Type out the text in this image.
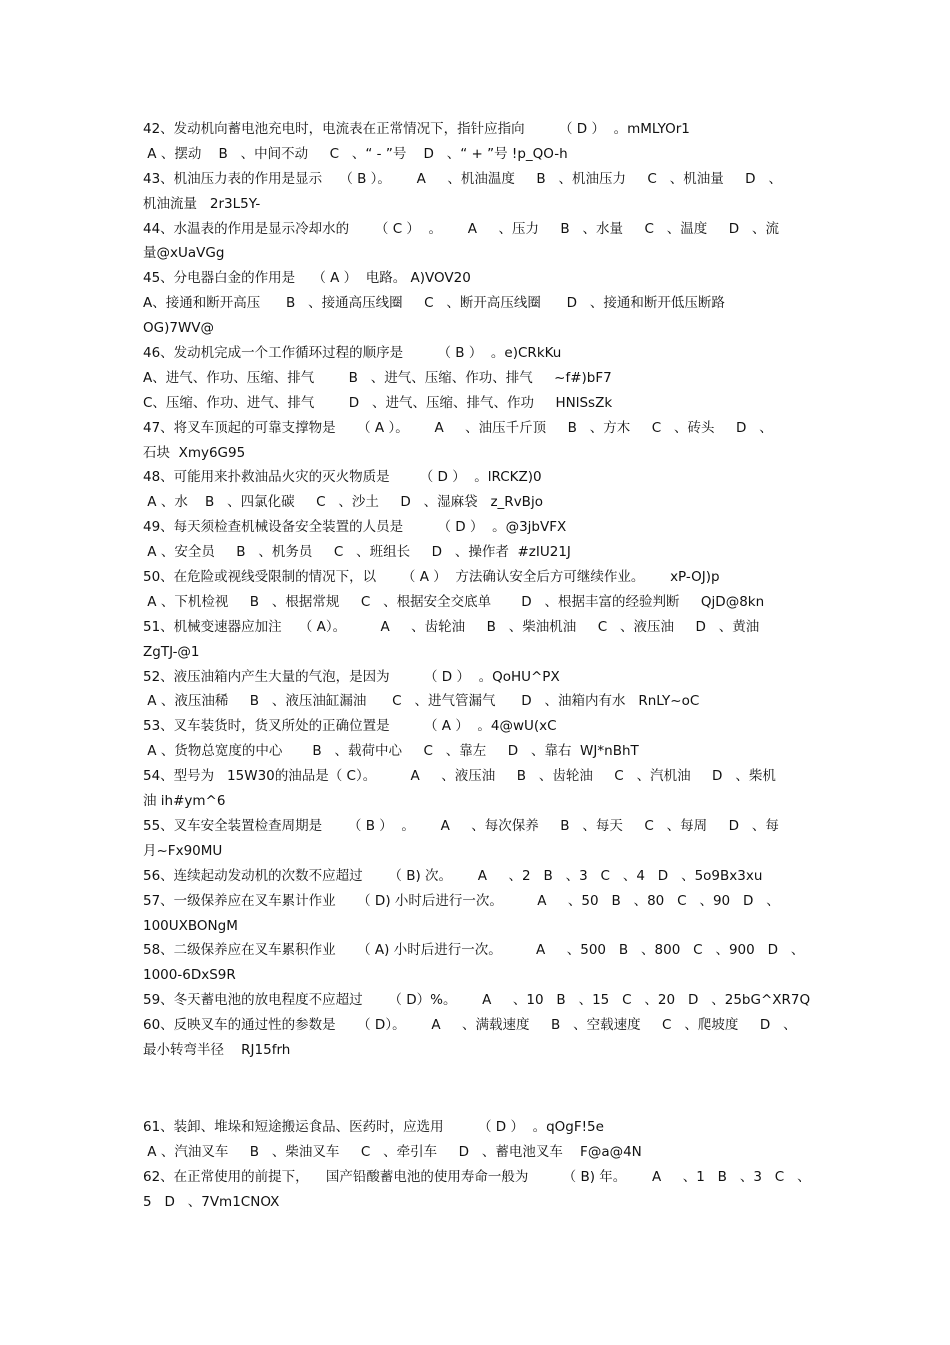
42、发动机向蓄电池充电时，电流表在正常情况下，指针应指向        （ D ）  。mMLYOr1
A 、摆动    B   、中间不动     C   、“ - ”号    D   、“ + ”号 !p_QO-h
43、机油压力表的作用是显示    （ B ）。      A     、机油温度     B   、机油压力     C   、机油量     D   、
机油流量   2r3L5Y-
44、水温表的作用是显示冷却水的      （ C ）  。      A     、压力     B   、水量     C   、温度     D   、流
量@xUaVGg
45、分电器白金的作用是    （ A ）  电路。 A)VOV20
A、接通和断开高压      B   、接通高压线圈     C   、断开高压线圈      D   、接通和断开低压断路
OG)7WV@
46、发动机完成一个工作循环过程的顺序是        （ B ）  。e)CRkKu
A、进气、作功、压缩、排气        B   、进气、压缩、作功、排气     ~f#)bF7
C、压缩、作功、进气、排气        D   、进气、压缩、排气、作功     HNlSsZk
47、将叉车顶起的可靠支撑物是     （ A ）。      A     、油压千斤顶     B   、方木     C   、砖头     D   、
石块  Xmy6G95
48、可能用来扑救油品火灾的灭火物质是       （ D ）  。lRCKZ)0
A 、水    B   、四氯化碳     C   、沙土     D   、湿麻袋   z_RvBjo
49、每天须检查机械设备安全装置的人员是        （ D ）  。@3jbVFX
A 、安全员     B   、机务员     C   、班组长     D   、操作者  #zIU21J
50、在危险或视线受限制的情况下，以      （ A ）  方法确认安全后方可继续作业。      xP-OJ)p
A 、下机检视     B   、根据常规     C   、根据安全交底单       D   、根据丰富的经验判断     QjD@8kn
51、机械变速器应加注    （ A）。        A     、齿轮油     B   、柴油机油     C   、液压油     D   、黄油
ZgTJ-@1
52、液压油箱内产生大量的气泡，是因为        （ D ）  。QoHU^PX
A 、液压油稀     B   、液压油缸漏油      C   、进气管漏气      D   、油箱内有水   RnLY~oC
53、叉车装货时，货叉所处的正确位置是        （ A ）  。4@wU(xC
A 、货物总宽度的中心       B   、载荷中心     C   、靠左     D   、靠右  WJ*nBhT
54、型号为   15W30的油品是（ C）。        A     、液压油     B   、齿轮油     C   、汽机油     D   、柴机
油 ih#ym^6
55、叉车安全装置检查周期是      （ B ）  。      A     、每次保养     B   、每天     C   、每周     D   、每
月~Fx90MU
56、连续起动发动机的次数不应超过      （ B) 次。      A     、2   B   、3   C   、4   D   、5o9Bx3xu
57、一级保养应在叉车累计作业     （ D) 小时后进行一次。        A     、50   B   、80   C   、90   D   、
100UXBONgM
58、二级保养应在叉车累积作业     （ A) 小时后进行一次。        A     、500   B   、800   C   、900   D   、
1000-6DxS9R
59、冬天蓄电池的放电程度不应超过      （ D）%。      A     、10   B   、15   C   、20   D   、25bG^XR7Q
60、反映叉车的通过性的参数是     （ D）。      A     、满载速度     B   、空载速度     C   、爬坡度     D   、
最小转弯半径    RJ15frh
61、装卸、堆垛和短途搬运食品、医药时，应选用        （ D ）  。qOgF!5e
A 、汽油叉车     B   、柴油叉车     C   、牵引车     D   、蓄电池叉车    F@a@4N
62、在正常使用的前提下，    国产铅酸蓄电池的使用寿命一般为        （ B) 年。      A     、1   B   、3   C   、
5   D   、7Vm1CNOX
